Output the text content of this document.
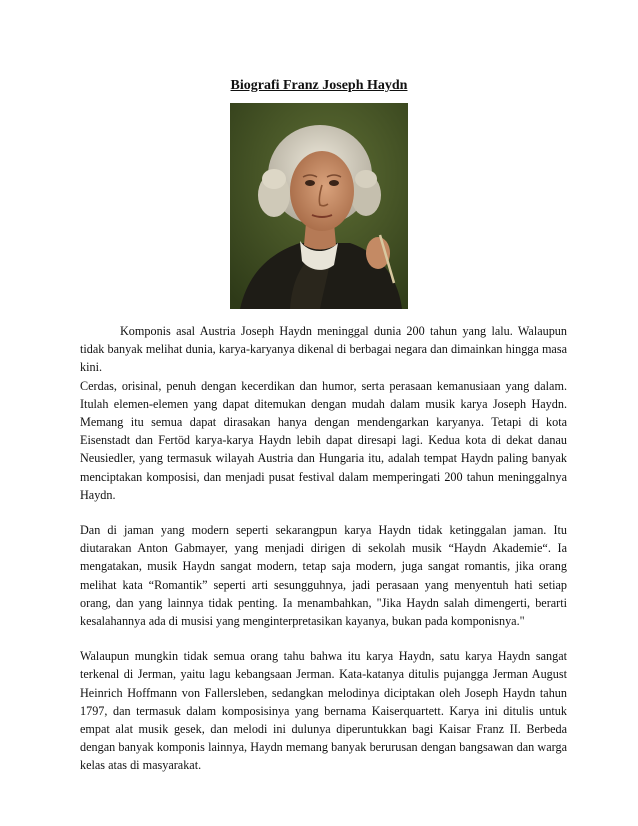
Biografi Franz Joseph Haydn

Komponis asal Austria Joseph Haydn meninggal dunia 200 tahun yang lalu. Walaupun tidak banyak melihat dunia, karya-karyanya dikenal di berbagai negara dan dimainkan hingga masa kini.

Cerdas, orisinal, penuh dengan kecerdikan dan humor, serta perasaan kemanusiaan yang dalam. Itulah elemen-elemen yang dapat ditemukan dengan mudah dalam musik karya Joseph Haydn. Memang itu semua dapat dirasakan hanya dengan mendengarkan karyanya. Tetapi di kota Eisenstadt dan Fertöd karya-karya Haydn lebih dapat diresapi lagi. Kedua kota di dekat danau Neusiedler, yang termasuk wilayah Austria dan Hungaria itu, adalah tempat Haydn paling banyak menciptakan komposisi, dan menjadi pusat festival dalam memperingati 200 tahun meninggalnya Haydn.

Dan di jaman yang modern seperti sekarangpun karya Haydn tidak ketinggalan jaman. Itu diutarakan Anton Gabmayer, yang menjadi dirigen di sekolah musik “Haydn Akademie“. Ia mengatakan, musik Haydn sangat modern, tetap saja modern, juga sangat romantis, jika orang melihat kata “Romantik” seperti arti sesungguhnya, jadi perasaan yang menyentuh hati setiap orang, dan yang lainnya tidak penting. Ia menambahkan, "Jika Haydn salah dimengerti, berarti kesalahannya ada di musisi yang menginterpretasikan kayanya, bukan pada komponisnya."

Walaupun mungkin tidak semua orang tahu bahwa itu karya Haydn, satu karya Haydn sangat terkenal di Jerman, yaitu lagu kebangsaan Jerman. Kata-katanya ditulis pujangga Jerman August Heinrich Hoffmann von Fallersleben, sedangkan melodinya diciptakan oleh Joseph Haydn tahun 1797, dan termasuk dalam komposisinya yang bernama Kaiserquartett. Karya ini ditulis untuk empat alat musik gesek, dan melodi ini dulunya diperuntukkan bagi Kaisar Franz II. Berbeda dengan banyak komponis lainnya, Haydn memang banyak berurusan dengan bangsawan dan warga kelas atas di masyarakat.
